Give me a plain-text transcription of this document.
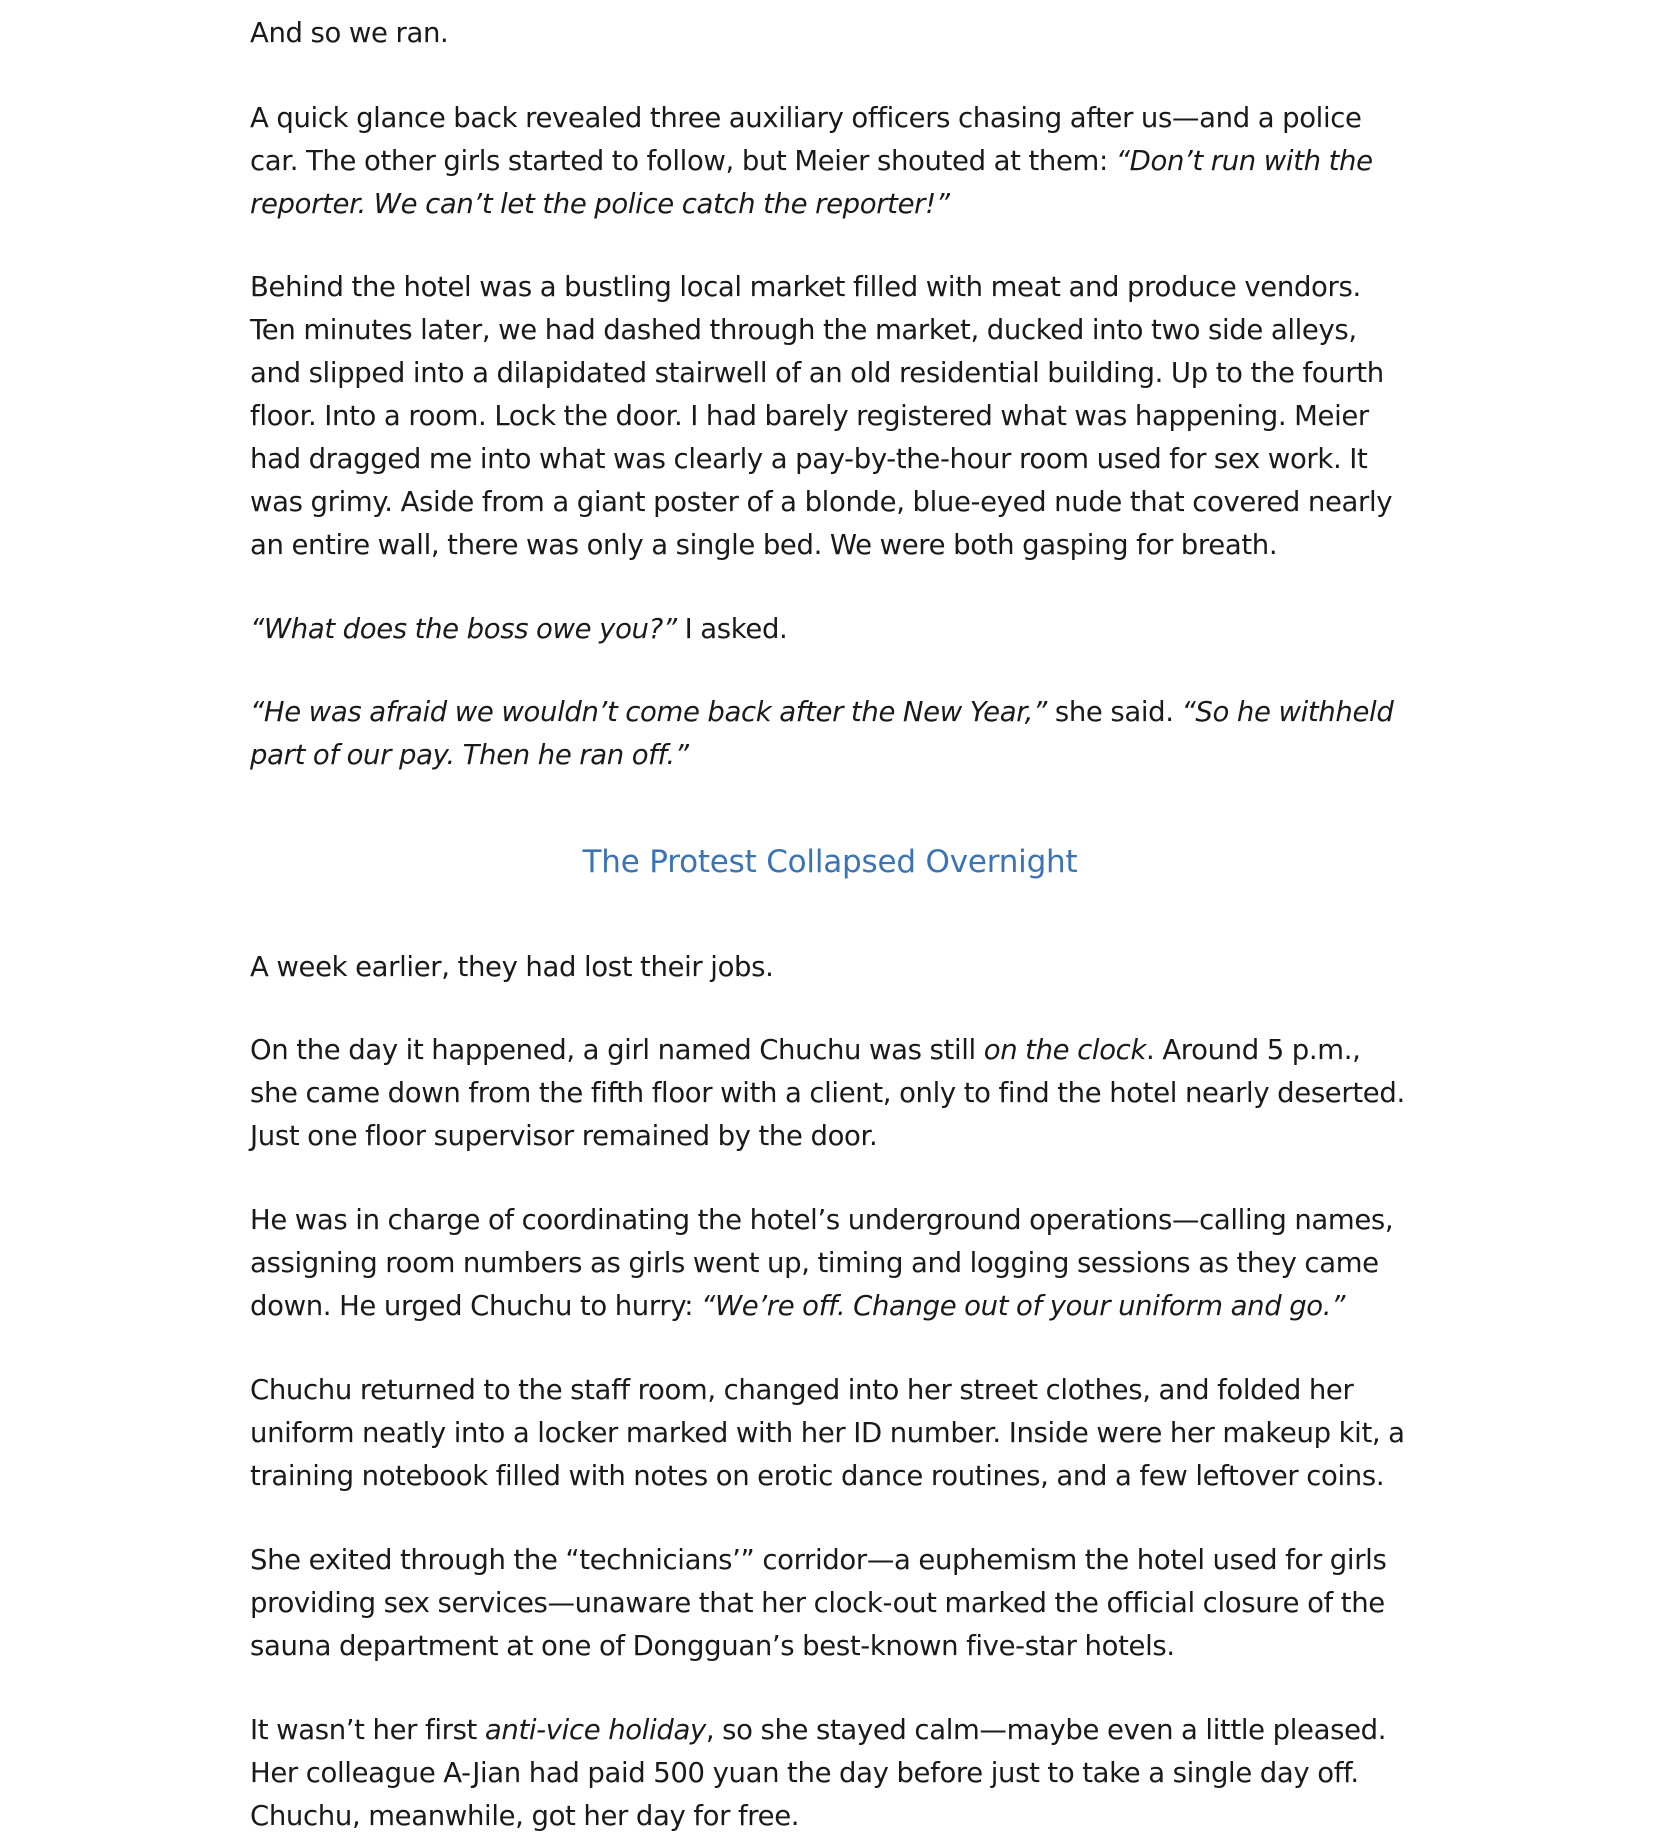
And so we ran.

A quick glance back revealed three auxiliary officers chasing after us—and a police car. The other girls started to follow, but Meier shouted at them: “Don’t run with the reporter. We can’t let the police catch the reporter!”

Behind the hotel was a bustling local market filled with meat and produce vendors. Ten minutes later, we had dashed through the market, ducked into two side alleys, and slipped into a dilapidated stairwell of an old residential building. Up to the fourth floor. Into a room. Lock the door. I had barely registered what was happening. Meier had dragged me into what was clearly a pay-by-the-hour room used for sex work. It was grimy. Aside from a giant poster of a blonde, blue-eyed nude that covered nearly an entire wall, there was only a single bed. We were both gasping for breath.

“What does the boss owe you?” I asked.

“He was afraid we wouldn’t come back after the New Year,” she said. “So he withheld part of our pay. Then he ran off.”

The Protest Collapsed Overnight

A week earlier, they had lost their jobs.

On the day it happened, a girl named Chuchu was still on the clock. Around 5 p.m., she came down from the fifth floor with a client, only to find the hotel nearly deserted. Just one floor supervisor remained by the door.

He was in charge of coordinating the hotel’s underground operations—calling names, assigning room numbers as girls went up, timing and logging sessions as they came down. He urged Chuchu to hurry: “We’re off. Change out of your uniform and go.”

Chuchu returned to the staff room, changed into her street clothes, and folded her uniform neatly into a locker marked with her ID number. Inside were her makeup kit, a training notebook filled with notes on erotic dance routines, and a few leftover coins.

She exited through the “technicians’” corridor—a euphemism the hotel used for girls providing sex services—unaware that her clock-out marked the official closure of the sauna department at one of Dongguan’s best-known five-star hotels.

It wasn’t her first anti-vice holiday, so she stayed calm—maybe even a little pleased. Her colleague A-Jian had paid 500 yuan the day before just to take a single day off. Chuchu, meanwhile, got her day for free.
